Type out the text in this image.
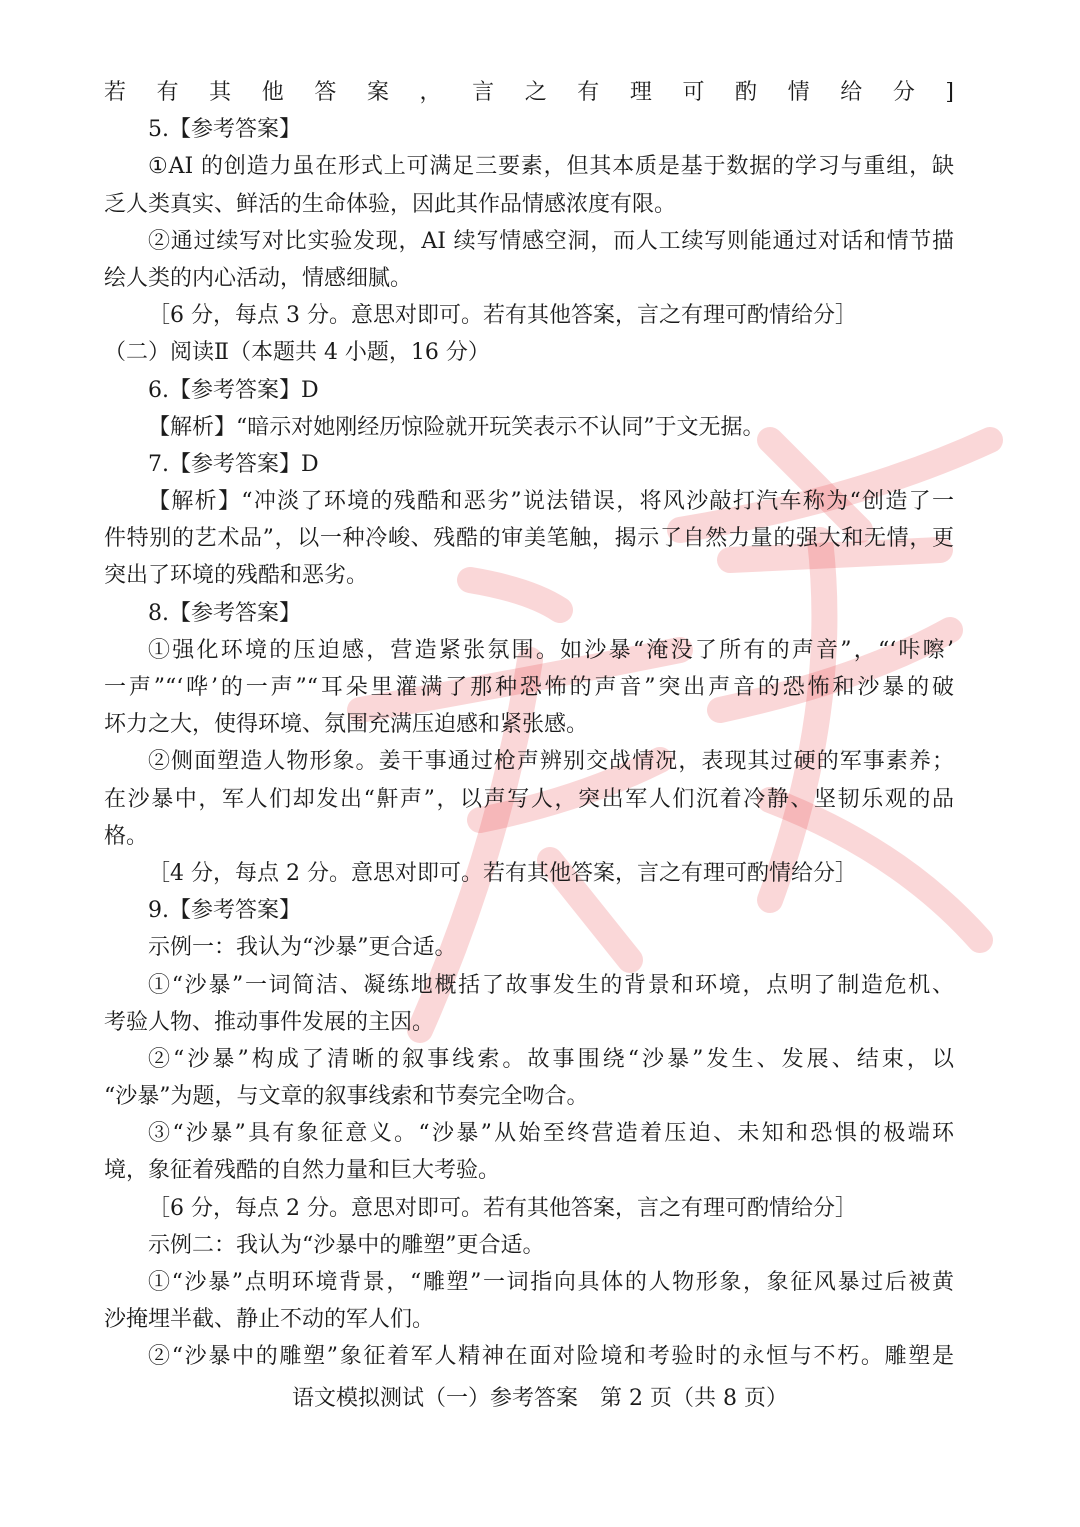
若有其他答案，言之有理可酌情给分]
5.【参考答案】
①AI 的创造力虽在形式上可满足三要素，但其本质是基于数据的学习与重组，缺
乏人类真实、鲜活的生命体验，因此其作品情感浓度有限。
②通过续写对比实验发现，AI 续写情感空洞，而人工续写则能通过对话和情节描
绘人类的内心活动，情感细腻。
［6 分，每点 3 分。意思对即可。若有其他答案，言之有理可酌情给分］
（二）阅读Ⅱ（本题共 4 小题，16 分）
6.【参考答案】D
【解析】“暗示对她刚经历惊险就开玩笑表示不认同”于文无据。
7.【参考答案】D
【解析】“冲淡了环境的残酷和恶劣”说法错误，将风沙敲打汽车称为“创造了一
件特别的艺术品”，以一种冷峻、残酷的审美笔触，揭示了自然力量的强大和无情，更
突出了环境的残酷和恶劣。
8.【参考答案】
①强化环境的压迫感，营造紧张氛围。如沙暴“淹没了所有的声音”，“‘咔嚓’
一声”“‘哗’的一声”“耳朵里灌满了那种恐怖的声音”突出声音的恐怖和沙暴的破
坏力之大，使得环境、氛围充满压迫感和紧张感。
②侧面塑造人物形象。姜干事通过枪声辨别交战情况，表现其过硬的军事素养；
在沙暴中，军人们却发出“鼾声”，以声写人，突出军人们沉着冷静、坚韧乐观的品
格。
［4 分，每点 2 分。意思对即可。若有其他答案，言之有理可酌情给分］
9.【参考答案】
示例一：我认为“沙暴”更合适。
①“沙暴”一词简洁、凝练地概括了故事发生的背景和环境，点明了制造危机、
考验人物、推动事件发展的主因。
②“沙暴”构成了清晰的叙事线索。故事围绕“沙暴”发生、发展、结束，以
“沙暴”为题，与文章的叙事线索和节奏完全吻合。
③“沙暴”具有象征意义。“沙暴”从始至终营造着压迫、未知和恐惧的极端环
境，象征着残酷的自然力量和巨大考验。
［6 分，每点 2 分。意思对即可。若有其他答案，言之有理可酌情给分］
示例二：我认为“沙暴中的雕塑”更合适。
①“沙暴”点明环境背景，“雕塑”一词指向具体的人物形象，象征风暴过后被黄
沙掩埋半截、静止不动的军人们。
②“沙暴中的雕塑”象征着军人精神在面对险境和考验时的永恒与不朽。雕塑是
语文模拟测试（一）参考答案　第 2 页（共 8 页）
